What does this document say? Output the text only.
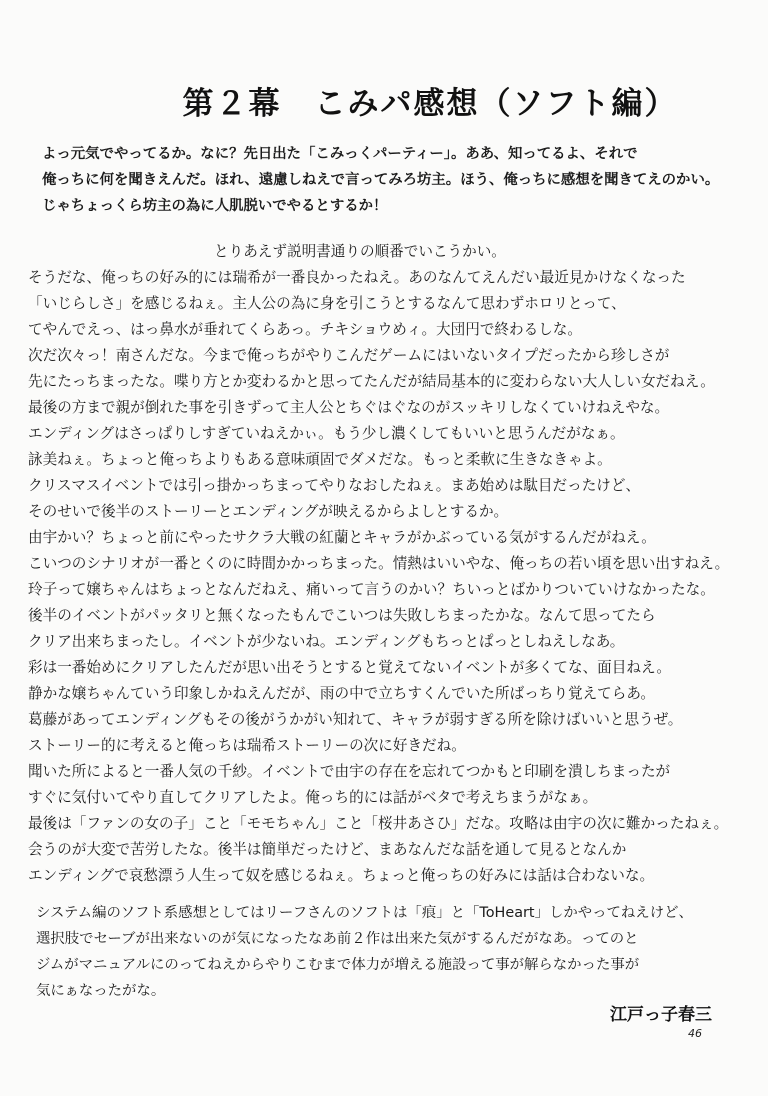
第２幕　こみパ感想（ソフト編）
よっ元気でやってるか。なに？先日出た「こみっくパーティー」。ああ、知ってるよ、それで
俺っちに何を聞きえんだ。ほれ、遠慮しねえで言ってみろ坊主。ほう、俺っちに感想を聞きてえのかい。
じゃちょっくら坊主の為に人肌脱いでやるとするか！
とりあえず説明書通りの順番でいこうかい。
そうだな、俺っちの好み的には瑞希が一番良かったねえ。あのなんてえんだい最近見かけなくなった
「いじらしさ」を感じるねぇ。主人公の為に身を引こうとするなんて思わずホロリとって、
てやんでえっ、はっ鼻水が垂れてくらあっ。チキショウめィ。大団円で終わるしな。
次だ次々っ！南さんだな。今まで俺っちがやりこんだゲームにはいないタイプだったから珍しさが
先にたっちまったな。喋り方とか変わるかと思ってたんだが結局基本的に変わらない大人しい女だねえ。
最後の方まで親が倒れた事を引きずって主人公とちぐはぐなのがスッキリしなくていけねえやな。
エンディングはさっぱりしすぎていねえかぃ。もう少し濃くしてもいいと思うんだがなぁ。
詠美ねぇ。ちょっと俺っちよりもある意味頑固でダメだな。もっと柔軟に生きなきゃよ。
クリスマスイベントでは引っ掛かっちまってやりなおしたねぇ。まあ始めは駄目だったけど、
そのせいで後半のストーリーとエンディングが映えるからよしとするか。
由宇かい？ちょっと前にやったサクラ大戦の紅蘭とキャラがかぶっている気がするんだがねえ。
こいつのシナリオが一番とくのに時間かかっちまった。情熱はいいやな、俺っちの若い頃を思い出すねえ。
玲子って嬢ちゃんはちょっとなんだねえ、痛いって言うのかい？ちいっとばかりついていけなかったな。
後半のイベントがパッタリと無くなったもんでこいつは失敗しちまったかな。なんて思ってたら
クリア出来ちまったし。イベントが少ないね。エンディングもちっとぱっとしねえしなあ。
彩は一番始めにクリアしたんだが思い出そうとすると覚えてないイベントが多くてな、面目ねえ。
静かな嬢ちゃんていう印象しかねえんだが、雨の中で立ちすくんでいた所ばっちり覚えてらあ。
葛藤があってエンディングもその後がうかがい知れて、キャラが弱すぎる所を除けばいいと思うぜ。
ストーリー的に考えると俺っちは瑞希ストーリーの次に好きだね。
聞いた所によると一番人気の千紗。イベントで由宇の存在を忘れてつかもと印刷を潰しちまったが
すぐに気付いてやり直してクリアしたよ。俺っち的には話がベタで考えちまうがなぁ。
最後は「ファンの女の子」こと「モモちゃん」こと「桜井あさひ」だな。攻略は由宇の次に難かったねぇ。
会うのが大変で苦労したな。後半は簡単だったけど、まあなんだな話を通して見るとなんか
エンディングで哀愁漂う人生って奴を感じるねぇ。ちょっと俺っちの好みには話は合わないな。
システム編のソフト系感想としてはリーフさんのソフトは「痕」と「ToHeart」しかやってねえけど、
選択肢でセーブが出来ないのが気になったなあ前２作は出来た気がするんだがなあ。ってのと
ジムがマニュアルにのってねえからやりこむまで体力が増える施設って事が解らなかった事が
気にぁなったがな。
江戸っ子春三
46
